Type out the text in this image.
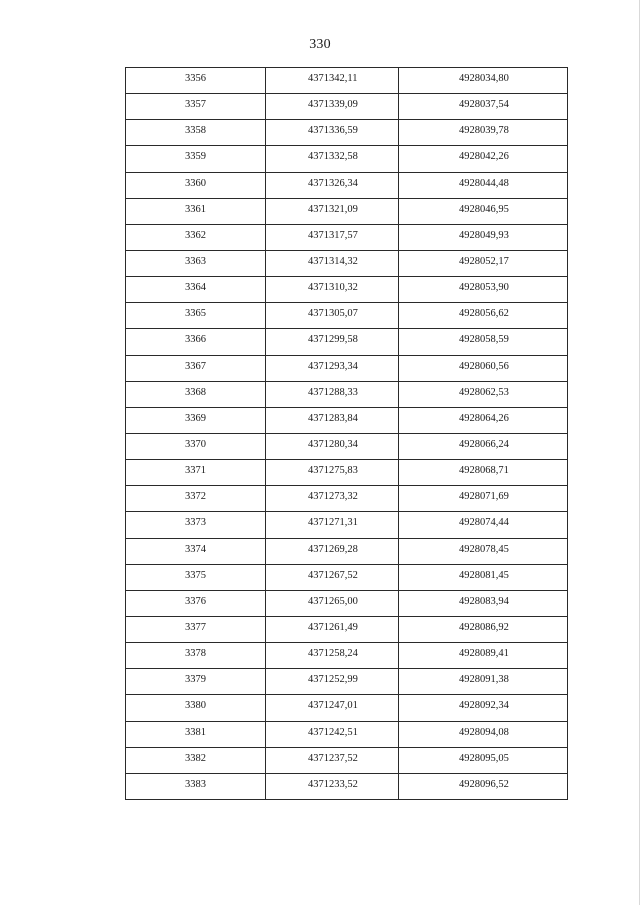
330
3356	4371342,11	4928034,80
3357	4371339,09	4928037,54
3358	4371336,59	4928039,78
3359	4371332,58	4928042,26
3360	4371326,34	4928044,48
3361	4371321,09	4928046,95
3362	4371317,57	4928049,93
3363	4371314,32	4928052,17
3364	4371310,32	4928053,90
3365	4371305,07	4928056,62
3366	4371299,58	4928058,59
3367	4371293,34	4928060,56
3368	4371288,33	4928062,53
3369	4371283,84	4928064,26
3370	4371280,34	4928066,24
3371	4371275,83	4928068,71
3372	4371273,32	4928071,69
3373	4371271,31	4928074,44
3374	4371269,28	4928078,45
3375	4371267,52	4928081,45
3376	4371265,00	4928083,94
3377	4371261,49	4928086,92
3378	4371258,24	4928089,41
3379	4371252,99	4928091,38
3380	4371247,01	4928092,34
3381	4371242,51	4928094,08
3382	4371237,52	4928095,05
3383	4371233,52	4928096,52
